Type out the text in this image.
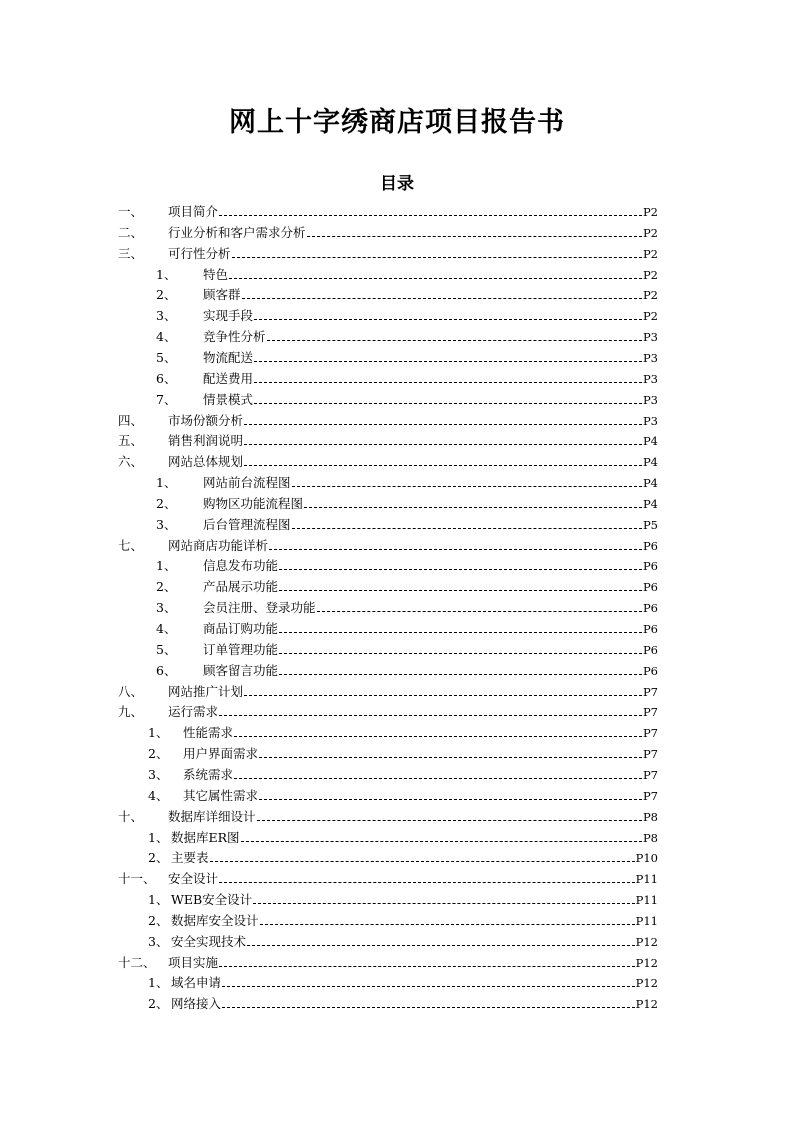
网上十字绣商店项目报告书
目录
一、	项目简介	P2
二、	行业分析和客户需求分析	P2
三、	可行性分析	P2
1、	特色	P2
2、	顾客群	P2
3、	实现手段	P2
4、	竞争性分析	P3
5、	物流配送	P3
6、	配送费用	P3
7、	情景模式	P3
四、	市场份额分析	P3
五、	销售利润说明	P4
六、	网站总体规划	P4
1、	网站前台流程图	P4
2、	购物区功能流程图	P4
3、	后台管理流程图	P5
七、	网站商店功能详析	P6
1、	信息发布功能	P6
2、	产品展示功能	P6
3、	会员注册、登录功能	P6
4、	商品订购功能	P6
5、	订单管理功能	P6
6、	顾客留言功能	P6
八、	网站推广计划	P7
九、	运行需求	P7
1、	性能需求	P7
2、	用户界面需求	P7
3、	系统需求	P7
4、	其它属性需求	P7
十、	数据库详细设计	P8
1、 数据库ER图	P8
2、 主要表	P10
十一、 安全设计	P11
1、 WEB安全设计	P11
2、 数据库安全设计	P11
3、 安全实现技术	P12
十二、 项目实施	P12
1、 域名申请	P12
2、 网络接入	P12
